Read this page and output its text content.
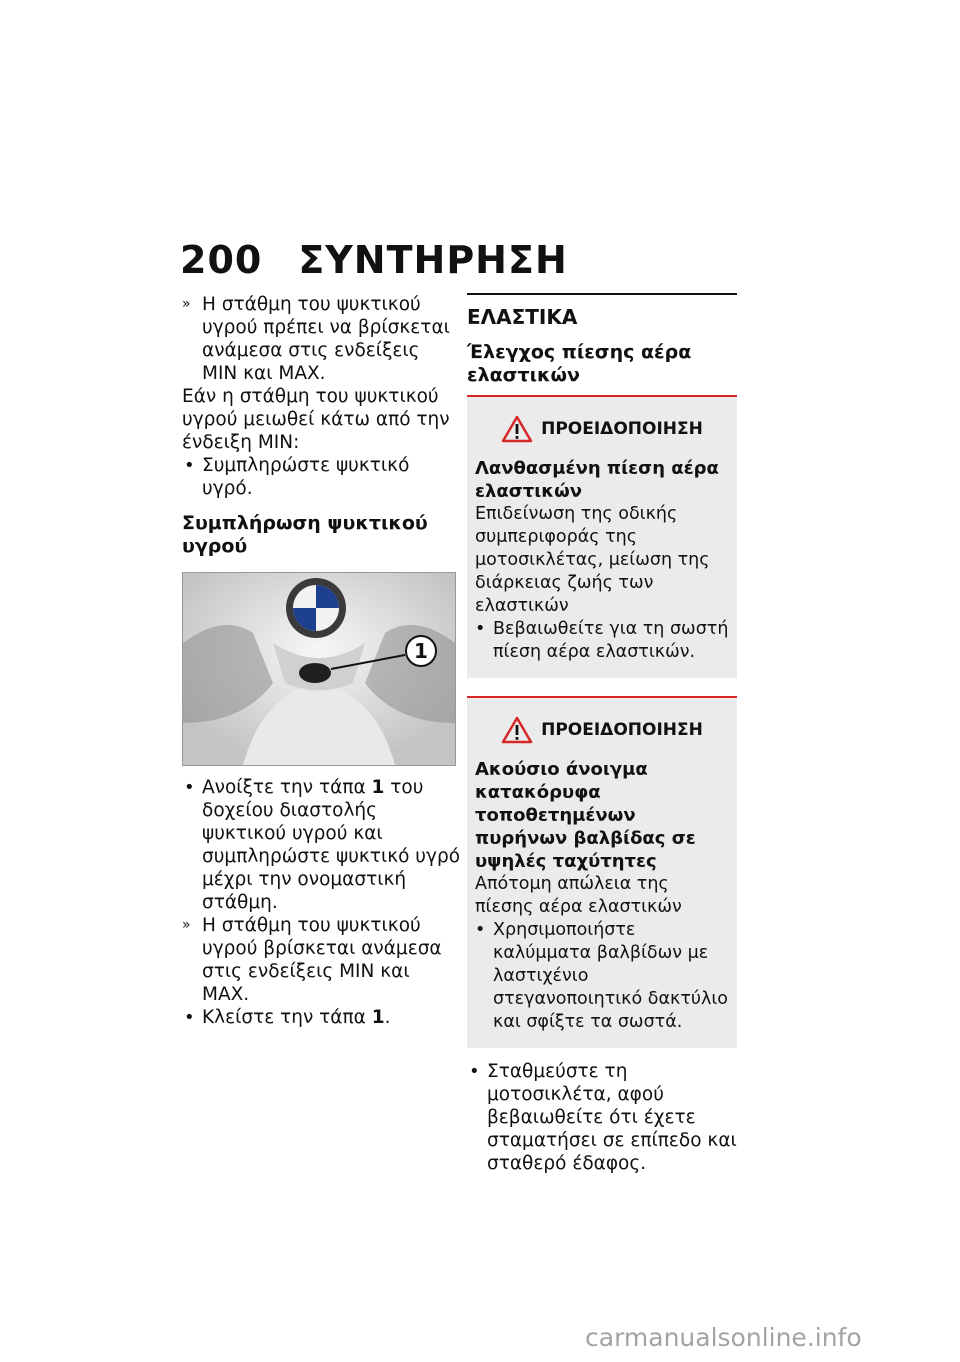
200 ΣΥΝΤΗΡΗΣΗ
» Η στάθμη του ψυκτικού υγρού πρέπει να βρίσκεται ανάμεσα στις ενδείξεις MIN και MAX.

Εάν η στάθμη του ψυκτικού υγρού μειωθεί κάτω από την ένδειξη MIN:

• Συμπληρώστε ψυκτικό υγρό.
Συμπλήρωση ψυκτικού υγρού
1
• Ανοίξτε την τάπα 1 του δοχείου διαστολής ψυκτικού υγρού και συμπληρώστε ψυκτικό υγρό μέχρι την ονομαστική στάθμη.
» Η στάθμη του ψυκτικού υγρού βρίσκεται ανάμεσα στις ενδείξεις MIN και MAX.
• Κλείστε την τάπα 1.
ΕΛΑΣΤΙΚΑ
Έλεγχος πίεσης αέρα ελαστικών
ΠΡΟΕΙΔΟΠΟΙΗΣΗ
Λανθασμένη πίεση αέρα ελαστικών
Επιδείνωση της οδικής συμπεριφοράς της μοτοσικλέτας, μείωση της διάρκειας ζωής των ελαστικών
• Βεβαιωθείτε για τη σωστή πίεση αέρα ελαστικών.
ΠΡΟΕΙΔΟΠΟΙΗΣΗ
Ακούσιο άνοιγμα κατακόρυφα τοποθετημένων πυρήνων βαλβίδας σε υψηλές ταχύτητες
Απότομη απώλεια της πίεσης αέρα ελαστικών
• Χρησιμοποιήστε καλύμματα βαλβίδων με λαστιχένιο στεγανοποιητικό δακτύλιο και σφίξτε τα σωστά.
• Σταθμεύστε τη μοτοσικλέτα, αφού βεβαιωθείτε ότι έχετε σταματήσει σε επίπεδο και σταθερό έδαφος.
carmanualsonline.info
